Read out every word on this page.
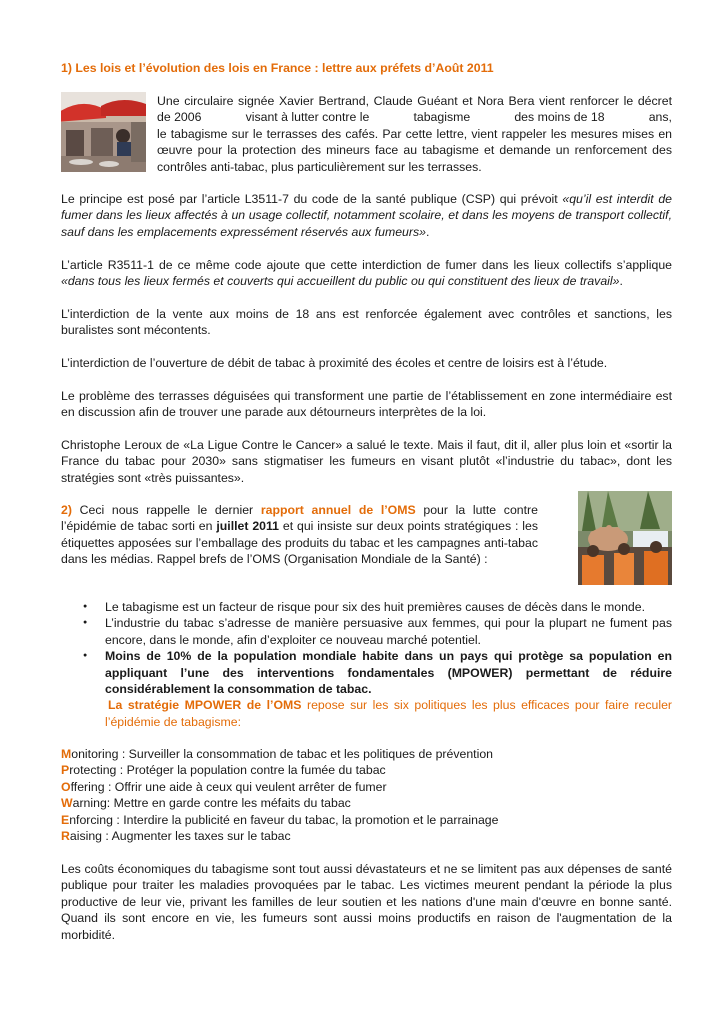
1) Les lois et l’évolution des lois en France : lettre aux préfets d’Août 2011

Une circulaire signée Xavier Bertrand, Claude Guéant et Nora Bera vient renforcer le décret

de 2006	visant à lutter contre le	tabagisme	des moins de 18	ans,

le tabagisme sur le terrasses des cafés. Par cette lettre, vient rappeler les mesures mises en

œuvre pour la protection des mineurs face au tabagisme et demande un renforcement des

contrôles anti-tabac, plus particulièrement sur les terrasses.

Le principe est posé par l’article L3511-7 du code de la santé publique (CSP) qui prévoit «qu’il est interdit de fumer dans les lieux affectés à un usage collectif, notamment scolaire, et dans les moyens de transport collectif, sauf dans les emplacements expressément réservés aux fumeurs».
L’article R3511-1 de ce même code ajoute que cette interdiction de fumer dans les lieux collectifs s’applique «dans tous les lieux fermés et couverts qui accueillent du public ou qui constituent des lieux de travail».
L’interdiction de la vente aux moins de 18 ans est renforcée également avec contrôles et sanctions, les buralistes sont mécontents.
L’interdiction de l’ouverture de débit de tabac à proximité des écoles et centre de loisirs est à l’étude.
Le problème des terrasses déguisées qui transforment une partie de l’établissement en zone intermédiaire est en discussion afin de trouver une parade aux détourneurs interprètes de la loi.
Christophe Leroux de «La Ligue Contre le Cancer» a salué le texte. Mais il faut, dit il, aller plus loin et «sortir la France du tabac pour 2030» sans stigmatiser les fumeurs en visant plutôt «l’industrie du tabac», dont les stratégies sont «très puissantes».
2) Ceci nous rappelle le dernier rapport annuel de l’OMS pour la lutte contre l’épidémie de tabac sorti en juillet 2011 et qui insiste sur deux points stratégiques : les étiquettes apposées sur l’emballage des produits du tabac et les campagnes anti-tabac dans les médias. Rappel brefs de l’OMS (Organisation Mondiale de la Santé) :
● Le tabagisme est un facteur de risque pour six des huit premières causes de décès dans le monde.
● L’industrie du tabac s’adresse de manière persuasive aux femmes, qui pour la plupart ne fument pas encore, dans le monde, afin d’exploiter ce nouveau marché potentiel.
● Moins de 10% de la population mondiale habite dans un pays qui protège sa population en appliquant l’une des interventions fondamentales (MPOWER) permettant de réduire considérablement la consommation de tabac.
La stratégie MPOWER de l’OMS repose sur les six politiques les plus efficaces pour faire reculer l’épidémie de tabagisme:
Monitoring : Surveiller la consommation de tabac et les politiques de prévention
Protecting : Protéger la population contre la fumée du tabac
Offering : Offrir une aide à ceux qui veulent arrêter de fumer
Warning: Mettre en garde contre les méfaits du tabac
Enforcing : Interdire la publicité en faveur du tabac, la promotion et le parrainage
Raising : Augmenter les taxes sur le tabac
Les coûts économiques du tabagisme sont tout aussi dévastateurs et ne se limitent pas aux dépenses de santé publique pour traiter les maladies provoquées par le tabac. Les victimes meurent pendant la période la plus productive de leur vie, privant les familles de leur soutien et les nations d'une main d'œuvre en bonne santé. Quand ils sont encore en vie, les fumeurs sont aussi moins productifs en raison de l'augmentation de la morbidité.
